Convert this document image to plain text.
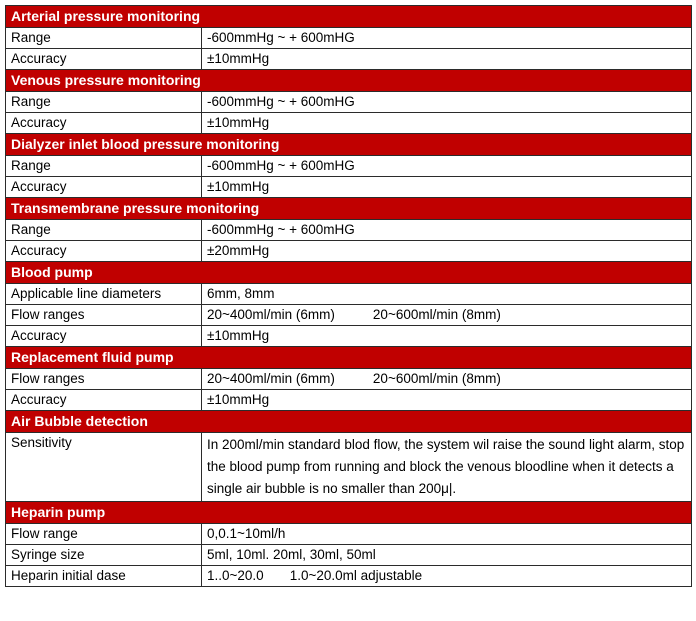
Arterial pressure monitoring	
Range	-600mmHg ~ + 600mHG
Accuracy	±10mmHg
Venous pressure monitoring	
Range	-600mmHg ~ + 600mHG
Accuracy	±10mmHg
Dialyzer inlet blood pressure monitoring	
Range	-600mmHg ~ + 600mHG
Accuracy	±10mmHg
Transmembrane pressure monitoring	
Range	-600mmHg ~ + 600mHG
Accuracy	±20mmHg
Blood pump	
Applicable line diameters	6mm, 8mm
Flow ranges	20~400ml/min (6mm) 20~600ml/min (8mm)
Accuracy	±10mmHg
Replacement fluid pump	
Flow ranges	20~400ml/min (6mm) 20~600ml/min (8mm)
Accuracy	±10mmHg
Air Bubble detection	
Sensitivity	In 200ml/min standard blod flow, the system wil raise the sound light alarm, stop the blood pump from running and block the venous bloodline when it detects a single air bubble is no smaller than 200μ|.
Heparin pump	
Flow range	0,0.1~10ml/h
Syringe size	5ml, 10ml. 20ml, 30ml, 50ml
Heparin initial dase	1..0~20.0 1.0~20.0ml adjustable
